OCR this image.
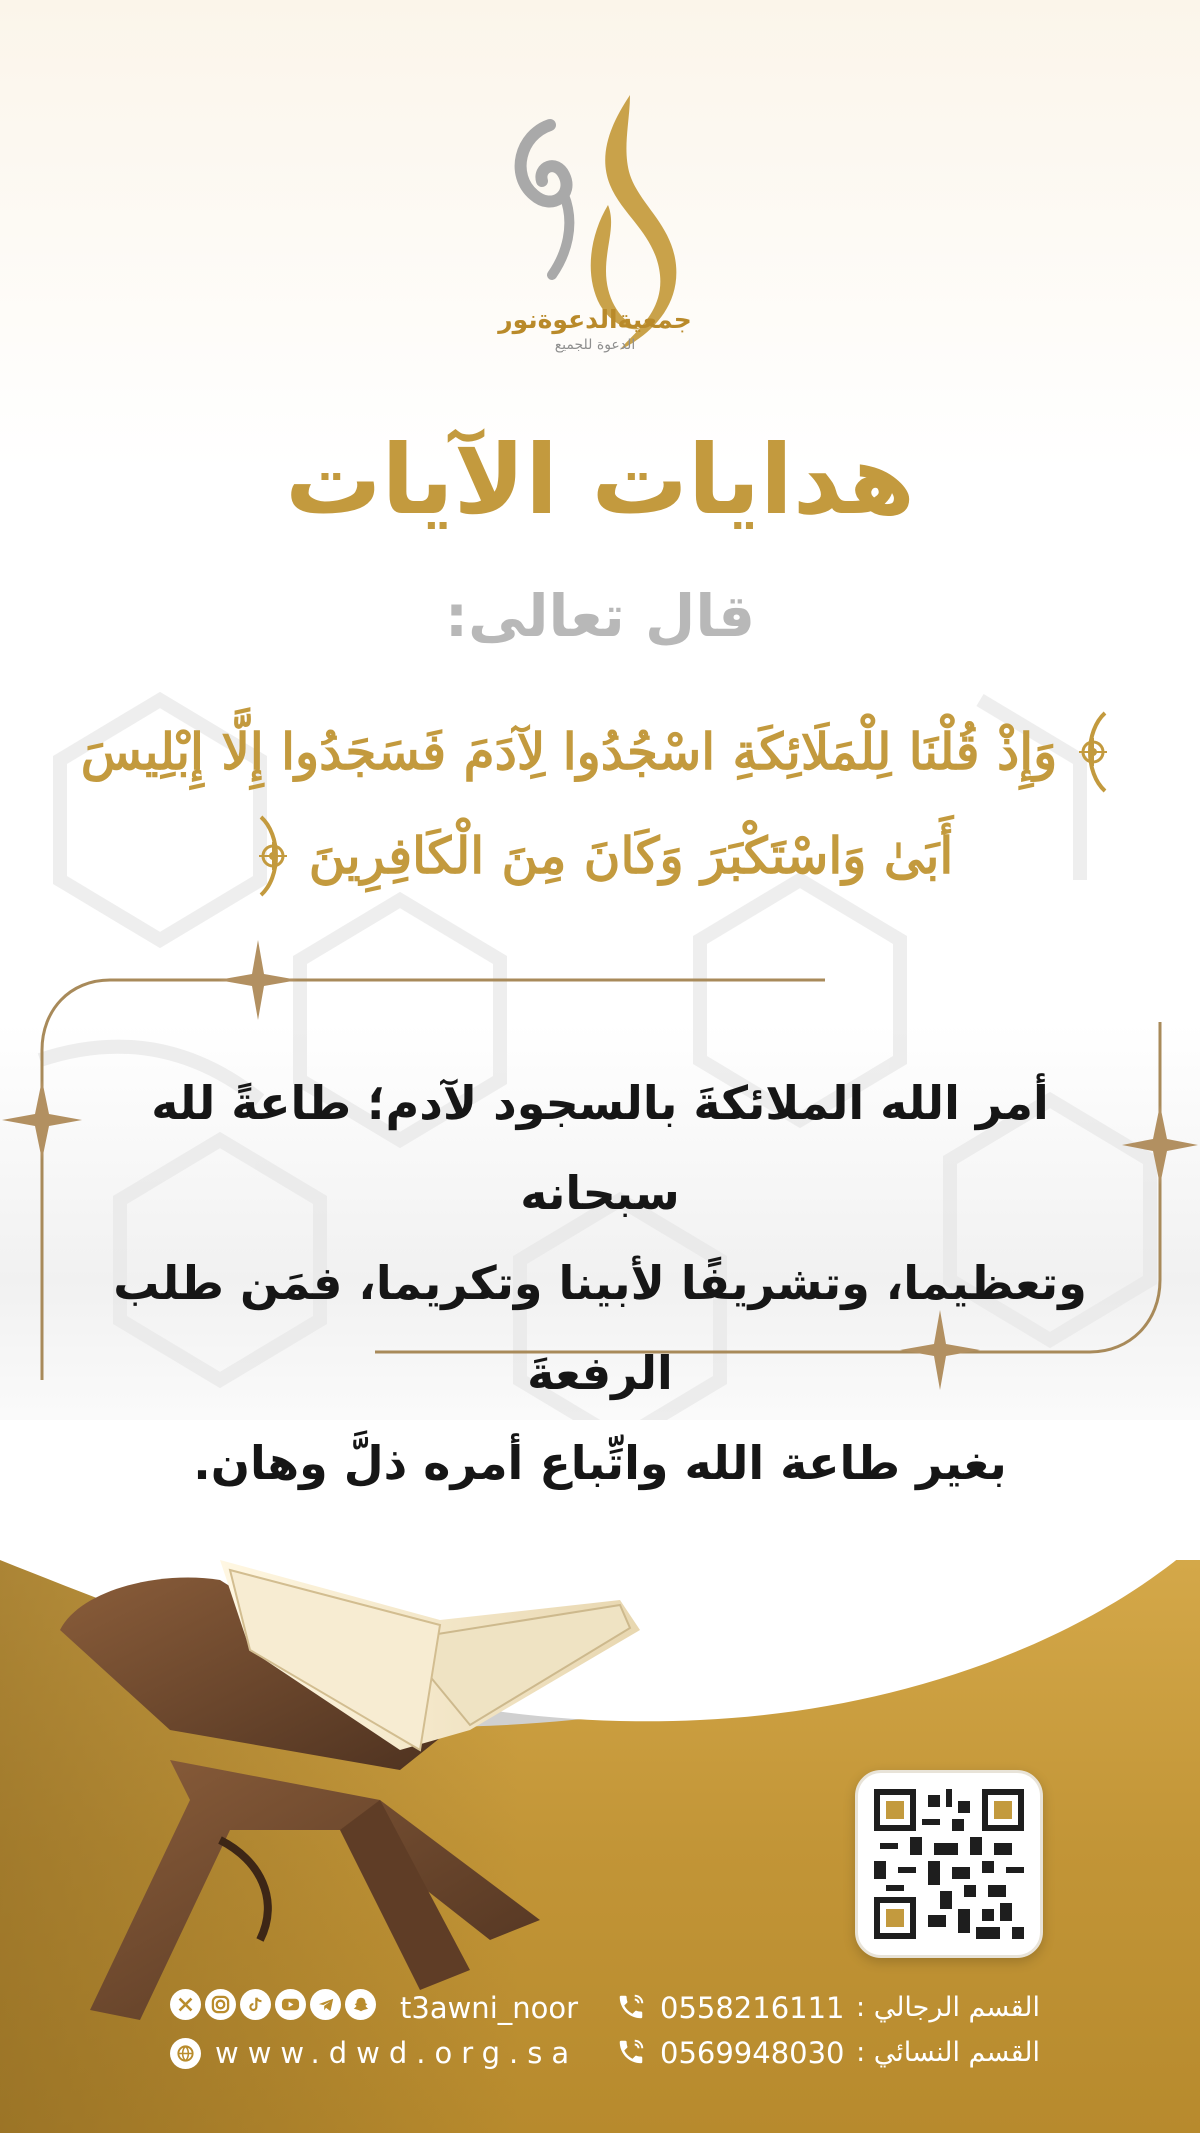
جمعيةالدعوةنور
الدعوة للجميع
هدايات الآيات
قال تعالى:
وَإِذْ قُلْنَا لِلْمَلَائِكَةِ اسْجُدُوا لِآدَمَ فَسَجَدُوا إِلَّا إِبْلِيسَ
أَبَىٰ وَاسْتَكْبَرَ وَكَانَ مِنَ الْكَافِرِينَ
أمر الله الملائكةَ بالسجود لآدم؛ طاعةً لله سبحانه
وتعظيما، وتشريفًا لأبينا وتكريما، فمَن طلب الرفعةَ
بغير طاعة الله واتِّباع أمره ذلَّ وهان.
القسم الرجالي :
0558216111
القسم النسائي :
0569948030
t3awni_noor
www.dwd.org.sa
